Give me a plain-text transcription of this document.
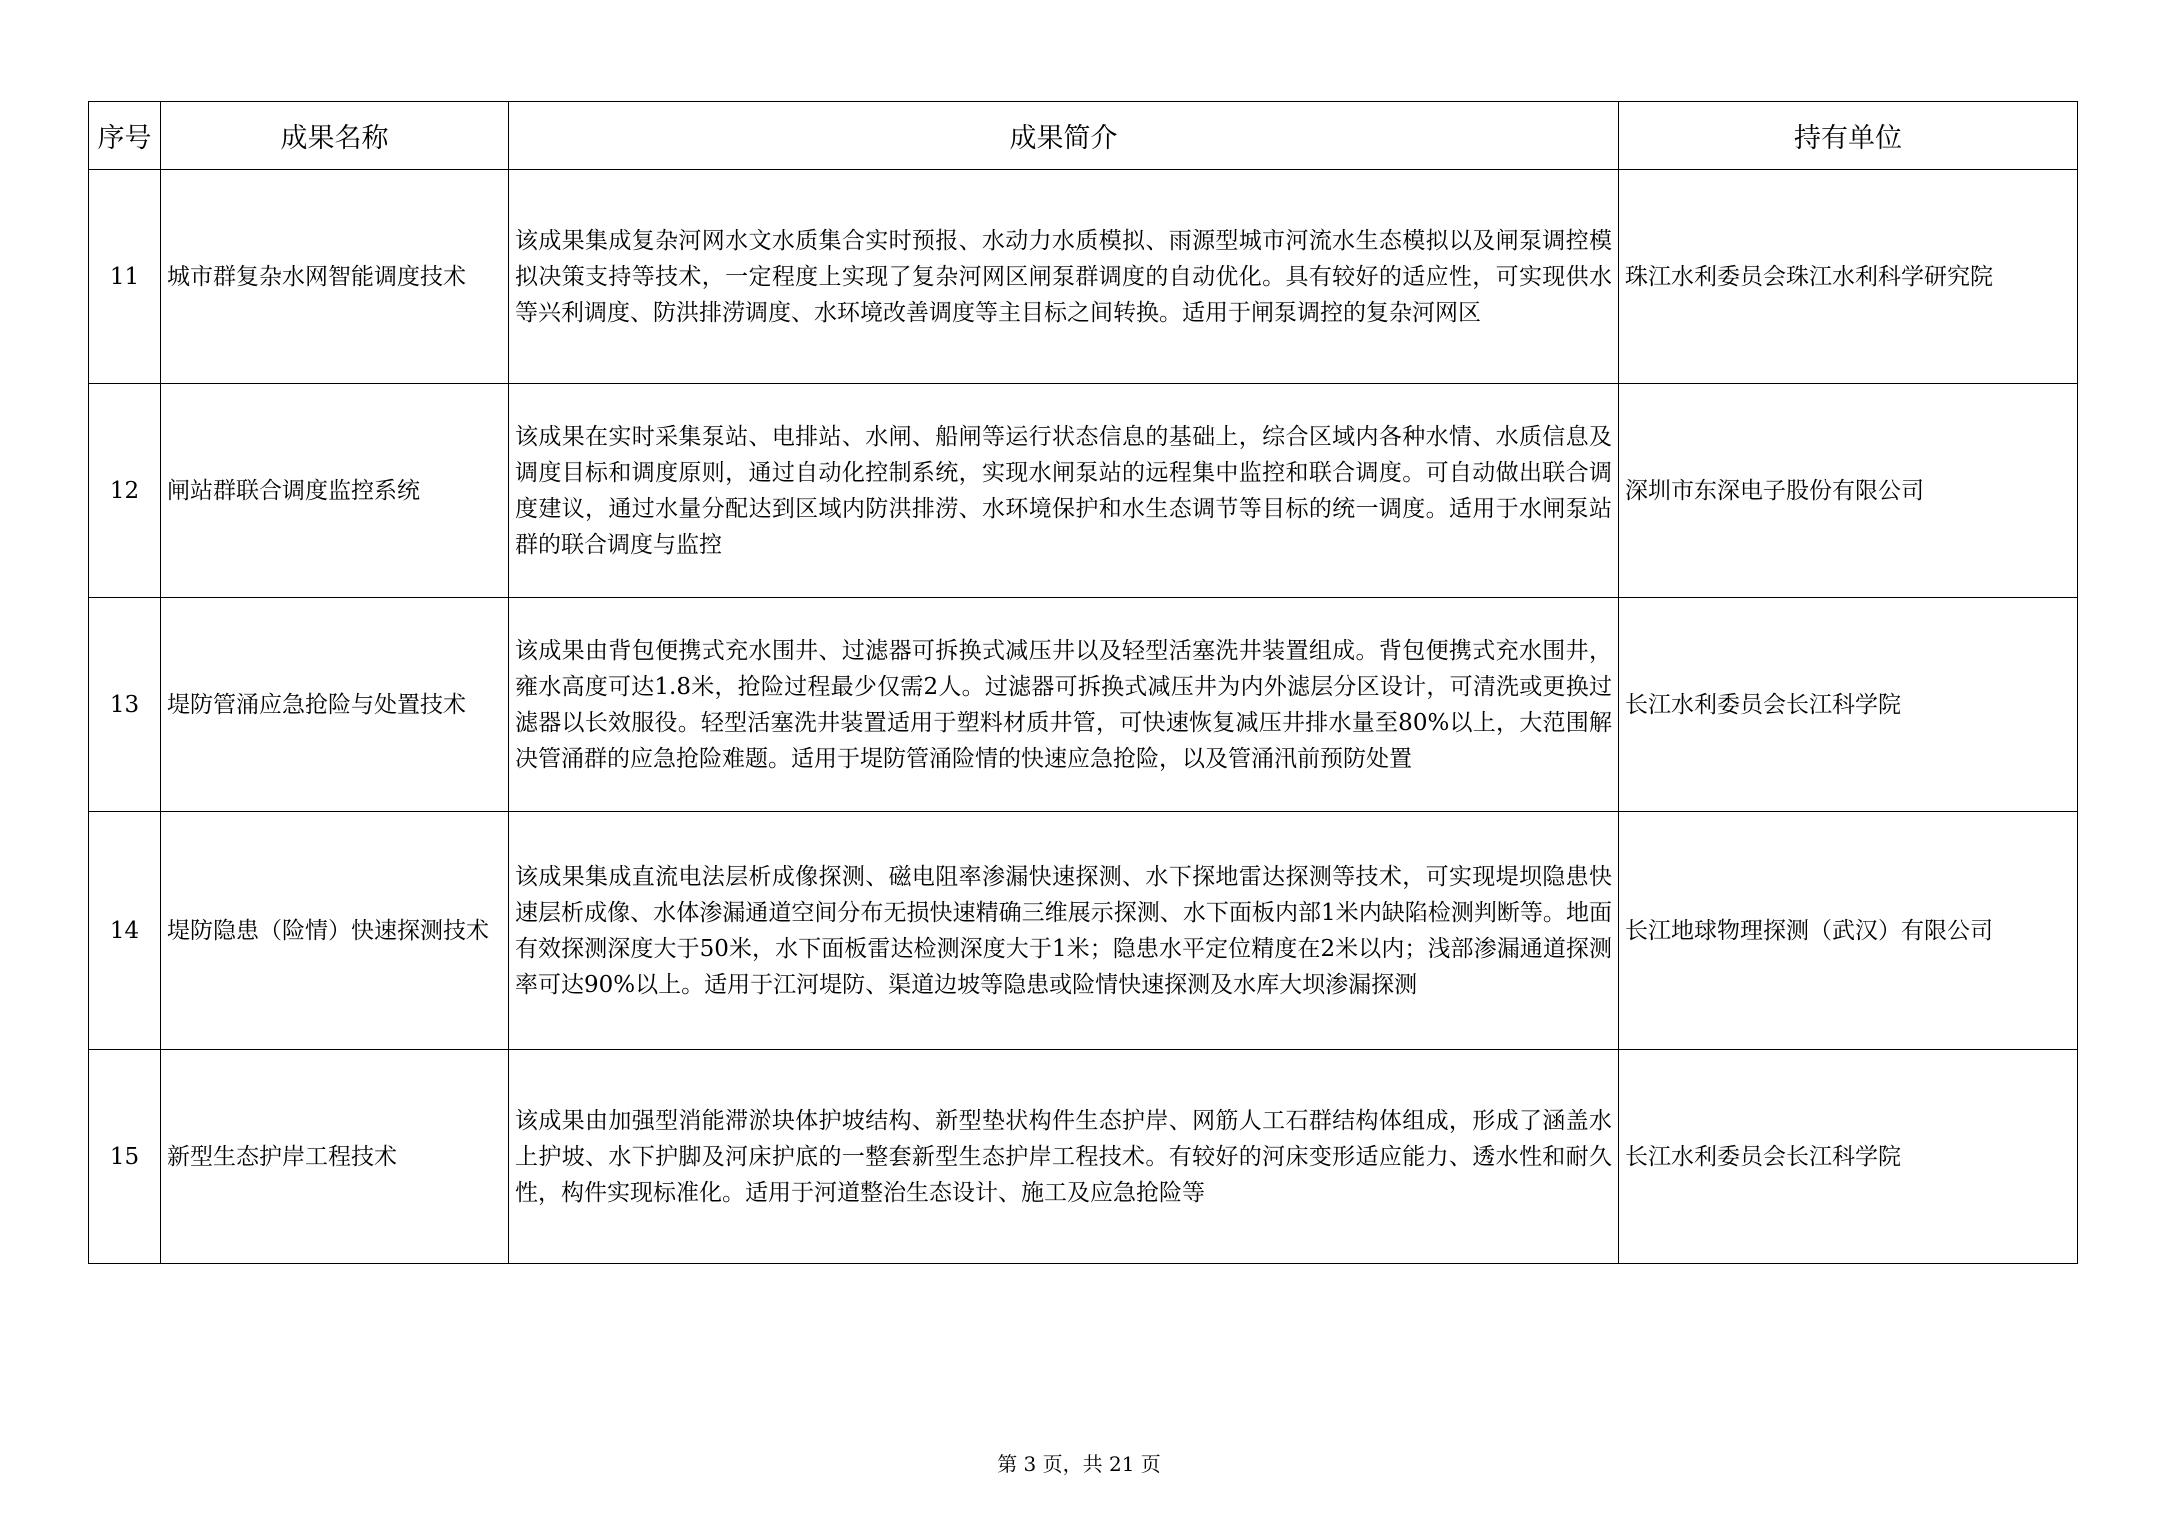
序号	成果名称	成果简介	持有单位
11	城市群复杂水网智能调度技术	该成果集成复杂河网水文水质集合实时预报、水动力水质模拟、雨源型城市河流水生态模拟以及闸泵调控模拟决策支持等技术，一定程度上实现了复杂河网区闸泵群调度的自动优化。具有较好的适应性，可实现供水等兴利调度、防洪排涝调度、水环境改善调度等主目标之间转换。适用于闸泵调控的复杂河网区	珠江水利委员会珠江水利科学研究院
12	闸站群联合调度监控系统	该成果在实时采集泵站、电排站、水闸、船闸等运行状态信息的基础上，综合区域内各种水情、水质信息及调度目标和调度原则，通过自动化控制系统，实现水闸泵站的远程集中监控和联合调度。可自动做出联合调度建议，通过水量分配达到区域内防洪排涝、水环境保护和水生态调节等目标的统一调度。适用于水闸泵站群的联合调度与监控	深圳市东深电子股份有限公司
13	堤防管涌应急抢险与处置技术	该成果由背包便携式充水围井、过滤器可拆换式减压井以及轻型活塞洗井装置组成。背包便携式充水围井，雍水高度可达1.8米，抢险过程最少仅需2人。过滤器可拆换式减压井为内外滤层分区设计，可清洗或更换过滤器以长效服役。轻型活塞洗井装置适用于塑料材质井管，可快速恢复减压井排水量至80%以上，大范围解决管涌群的应急抢险难题。适用于堤防管涌险情的快速应急抢险，以及管涌汛前预防处置	长江水利委员会长江科学院
14	堤防隐患（险情）快速探测技术	该成果集成直流电法层析成像探测、磁电阻率渗漏快速探测、水下探地雷达探测等技术，可实现堤坝隐患快速层析成像、水体渗漏通道空间分布无损快速精确三维展示探测、水下面板内部1米内缺陷检测判断等。地面有效探测深度大于50米，水下面板雷达检测深度大于1米；隐患水平定位精度在2米以内；浅部渗漏通道探测率可达90%以上。适用于江河堤防、渠道边坡等隐患或险情快速探测及水库大坝渗漏探测	长江地球物理探测（武汉）有限公司
15	新型生态护岸工程技术	该成果由加强型消能滞淤块体护坡结构、新型垫状构件生态护岸、网筋人工石群结构体组成，形成了涵盖水上护坡、水下护脚及河床护底的一整套新型生态护岸工程技术。有较好的河床变形适应能力、透水性和耐久性，构件实现标准化。适用于河道整治生态设计、施工及应急抢险等	长江水利委员会长江科学院
第 3 页，共 21 页
